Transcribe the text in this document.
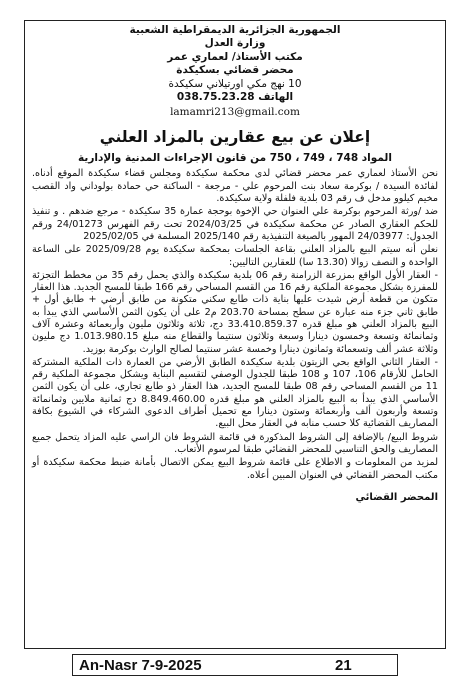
الجمهورية الجزائرية الديمقراطية الشعبية
وزارة العدل
مكتب الأستاذ/ لعماري عمر
محضر قضائي بسكيكدة
10 نهج مكي اورتيلاني سكيكدة
الهاتف 038.75.23.28
lamamri213@gmail.com
إعلان عن بيع عقارين بالمزاد العلني
المواد 748 ، 749 ، 750 من قانون الإجراءات المدنية والإدارية

نحن الأستاذ لعماري عمر محضر قضائي لدى محكمة سكيكدة ومجلس قضاء سكيكدة الموقع أدناه. لفائدة السيدة / بوكرمة سعاد بنت المرحوم علي - مرجعة - الساكنة حي حمادة بولوداني واد القصب مخيم كيلوو مدخل ف رقم 03 بلدية فلفلة ولاية سكيكدة.

ضد /ورثة المرحوم بوكرمة علي العنوان حي الإخوة بوحجة عمارة 35 سكيكدة - مرجع ضدهم . و تنفيذ للحكم العقاري الصادر عن محكمة سكيكدة في 2024/03/25 تحت رقم الفهرس 24/01273 ورقم الجدول: 24/03977 المهور بالصيغة التنفيذية رقم 2025/140 المسلمة في 2025/02/05

نعلن أنه سيتم البيع بالمزاد العلني بقاعة الجلسات بمحكمة سكيكدة يوم 2025/09/28 على الساعة الواحدة و النصف زوالا (13.30 سا) للعقارين التاليين:

- العقار الأول الواقع بمزرعة الزرامنة رقم 06 بلدية سكيكدة والذي يحمل رقم 35 من مخطط التجزئة للمفرزة بشكل مجموعة الملكية رقم 16 من القسم المساحي رقم 166 طبقا للمسح الجديد. هذا العقار متكون من قطعة أرض شيدت عليها بناية ذات طابع سكني متكونة من طابق أرضي + طابق أول + طابق ثاني جزء منه عبارة عن سطح بمساحة 203.70 م2 على أن يكون الثمن الأساسي الذي يبدأ به البيع بالمزاد العلني هو مبلغ قدره 33.410.859.37 دج، ثلاثة وثلاثون مليون وأربعمائة وعشرة آلاف وثمانمائة وتسعة وخمسون دينارا وسبعة وثلاثون سنتيما والقطاع منه مبلغ 1.013.980.15 دج مليون وثلاثة عشر ألف وتسعمائة وثمانون دينارا وخمسة عشر سنتيما لصالح الوارث بوكرمة بوزيد.

- العقار الثاني الواقع بحي الزيتون بلدية سكيكدة الطابق الأرضي من العمارة ذات الملكية المشتركة الحامل للأرقام 106، 107 و 108 طبقا للجدول الوصفي لتقسيم البناية ويشكل مجموعة الملكية رقم 11 من القسم المساحي رقم 08 طبقا للمسح الجديد، هذا العقار ذو طابع تجاري، على أن يكون الثمن الأساسي الذي يبدأ به البيع بالمزاد العلني هو مبلغ قدره 8.849.460.00 دج ثمانية ملايين وثمانمائة وتسعة وأربعون ألف وأربعمائة وستون دينارا مع تحميل أطراف الدعوى الشركاء في الشيوع بكافة المصاريف القضائية كلا حسب منابه في العقار محل البيع.

شروط البيع/ بالإضافة إلى الشروط المذكورة في قائمة الشروط فان الراسي عليه المزاد يتحمل جميع المصاريف والحق التناسبي للمحضر القضائي طبقا لمرسوم الأتعاب.

لمزيد من المعلومات و الاطلاع على قائمة شروط البيع يمكن الاتصال بأمانة ضبط محكمة سكيكدة أو مكتب المحضر القضائي في العنوان المبين أعلاه.

المحضر القضائي
An-Nasr 7-9-2025	21
